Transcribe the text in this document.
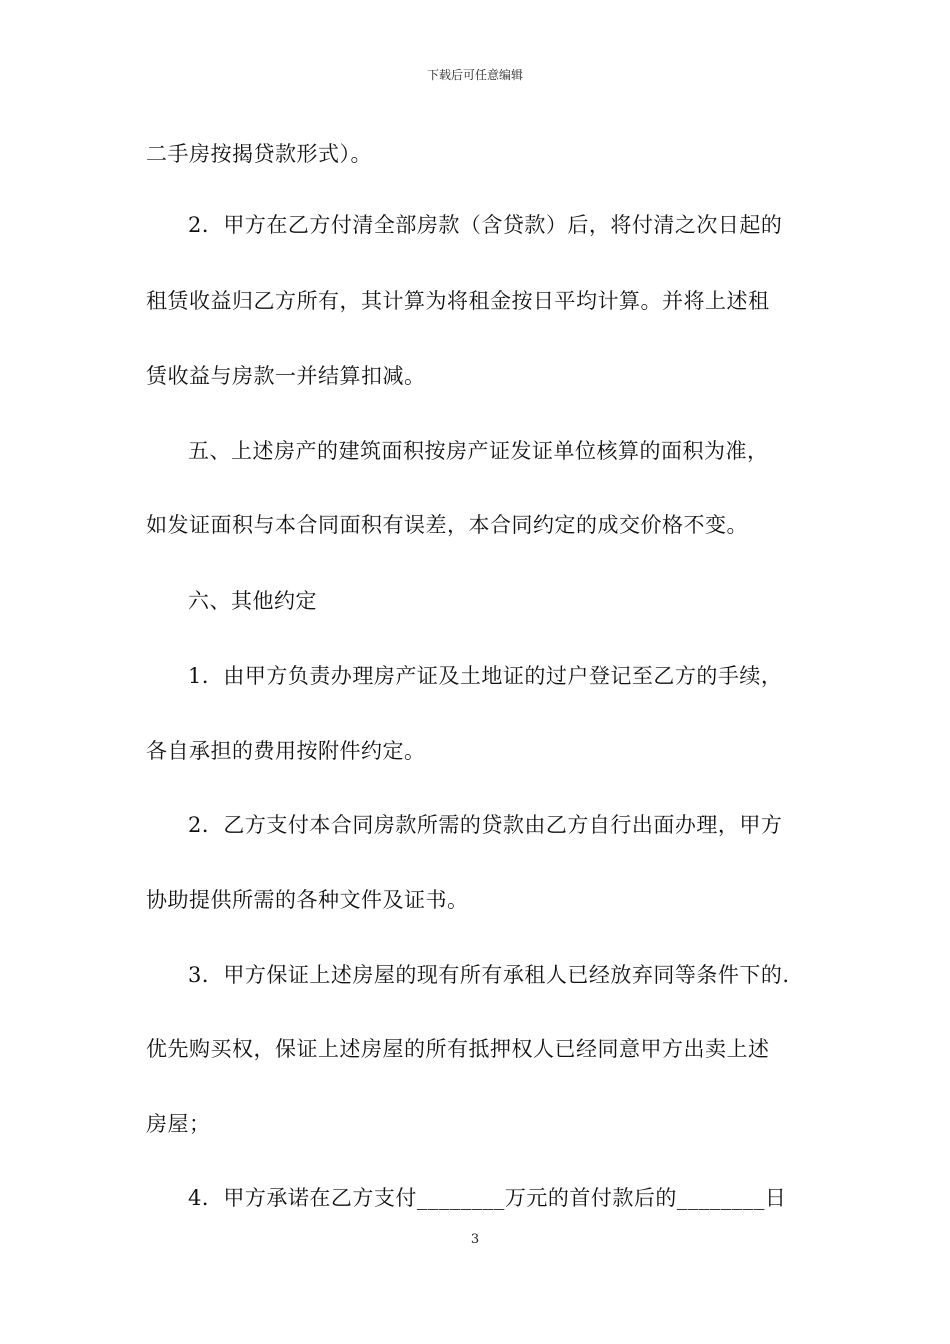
下载后可任意编辑
二手房按揭贷款形式）。
2．甲方在乙方付清全部房款（含贷款）后，将付清之次日起的
租赁收益归乙方所有，其计算为将租金按日平均计算。并将上述租
赁收益与房款一并结算扣减。
五、上述房产的建筑面积按房产证发证单位核算的面积为准，
如发证面积与本合同面积有误差，本合同约定的成交价格不变。
六、其他约定
1．由甲方负责办理房产证及土地证的过户登记至乙方的手续，
各自承担的费用按附件约定。
2．乙方支付本合同房款所需的贷款由乙方自行出面办理，甲方
协助提供所需的各种文件及证书。
3．甲方保证上述房屋的现有所有承租人已经放弃同等条件下的.
优先购买权，保证上述房屋的所有抵押权人已经同意甲方出卖上述
房屋；
4．甲方承诺在乙方支付________万元的首付款后的________日
3
